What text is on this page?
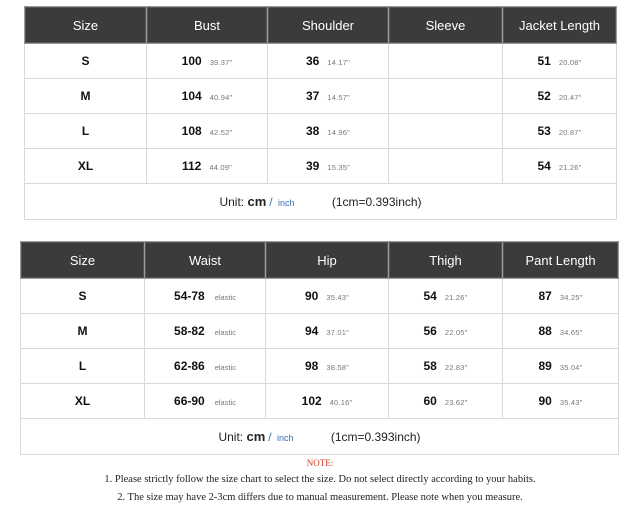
Size	Bust	Shoulder	Sleeve	Jacket Length
S	100 39.37"	36 14.17"		51 20.08"
M	104 40.94"	37 14.57"		52 20.47"
L	108 42.52"	38 14.96"		53 20.87"
XL	112 44.09"	39 15.35"		54 21.26"
Unit: cm / inch (1cm=0.393inch)				
Size	Waist	Hip	Thigh	Pant Length
S	54-78 elastic	90 35.43"	54 21.26"	87 34.25"
M	58-82 elastic	94 37.01"	56 22.05"	88 34.65"
L	62-86 elastic	98 38.58"	58 22.83"	89 35.04"
XL	66-90 elastic	102 40.16"	60 23.62"	90 35.43"
Unit: cm / inch (1cm=0.393inch)				
NOTE:
1. Please strictly follow the size chart to select the size. Do not select directly according to your habits.
2. The size may have 2-3cm differs due to manual measurement. Please note when you measure.
